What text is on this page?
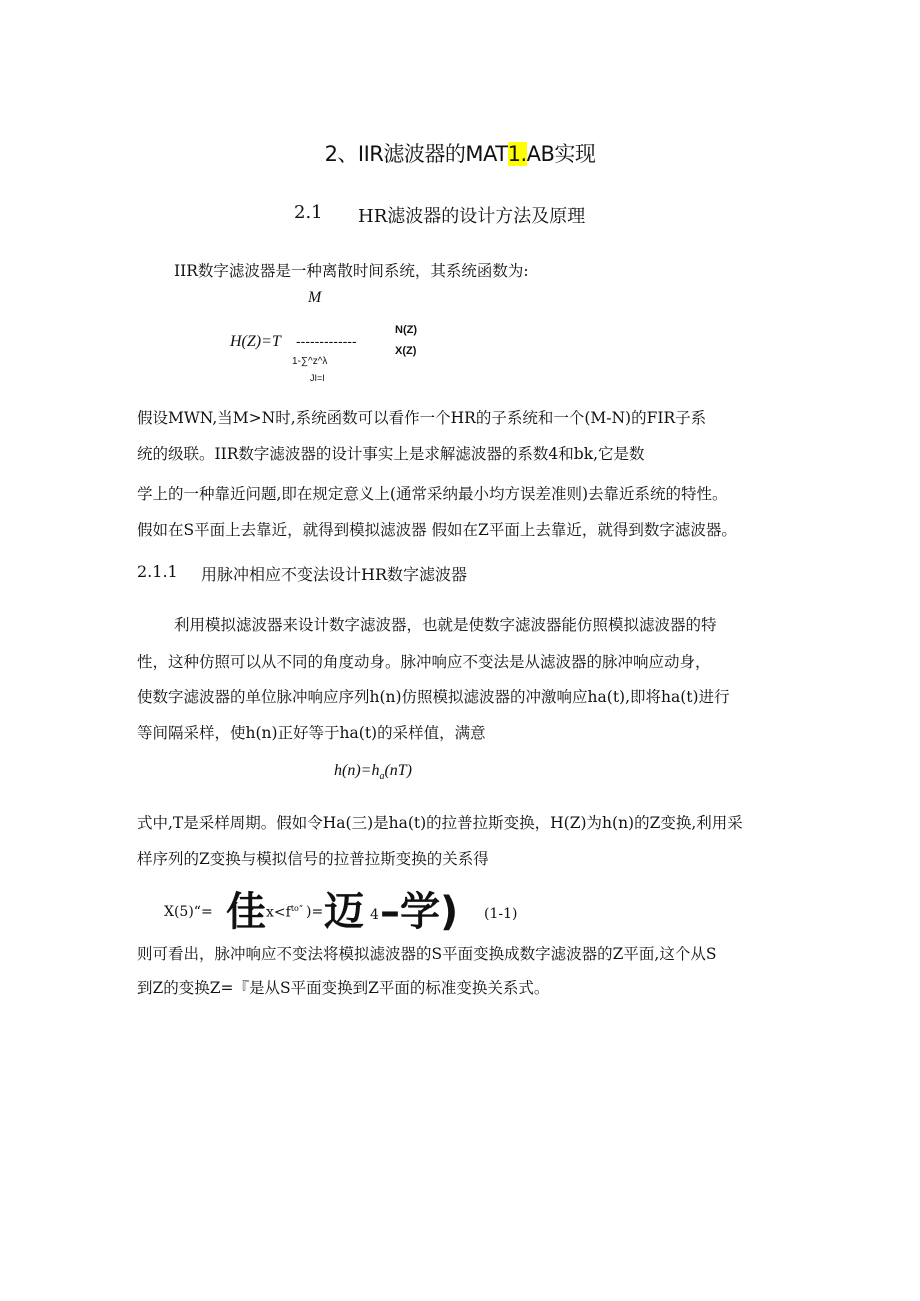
2、IIR滤波器的MAT1.AB实现
2.1 HR滤波器的设计方法及原理
IIR数字滤波器是一种离散时间系统，其系统函数为:
M
H(Z)=T -------------
1-∑^z^λ
JI=I
N(Z)
X(Z)
假设MWN,当M>N时,系统函数可以看作一个HR的子系统和一个(M-N)的FIR子系
统的级联。IIR数字滤波器的设计事实上是求解滤波器的系数4和bk,它是数
学上的一种靠近问题,即在规定意义上(通常采纳最小均方误差准则)去靠近系统的特性。
假如在S平面上去靠近，就得到模拟滤波器 假如在Z平面上去靠近，就得到数字滤波器。
2.1.1 用脉冲相应不变法设计HR数字滤波器
利用模拟滤波器来设计数字滤波器，也就是使数字滤波器能仿照模拟滤波器的特
性，这种仿照可以从不同的角度动身。脉冲响应不变法是从滤波器的脉冲响应动身，
使数字滤波器的单位脉冲响应序列h(n)仿照模拟滤波器的冲激响应ha(t),即将ha(t)进行
等间隔采样，使h(n)正好等于ha(t)的采样值，满意
$h(n)=h_a(nT)$
式中,T是采样周期。假如令Ha(三)是ha(t)的拉普拉斯变换，H(Z)为h(n)的Z变换,利用采
样序列的Z变换与模拟信号的拉普拉斯变换的关系得
X(5)“= 佳 $x<f^{to”}$ )= 迈 4 –学) (1-1)
则可看出，脉冲响应不变法将模拟滤波器的S平面变换成数字滤波器的Z平面,这个从S
到Z的变换Z=『是从S平面变换到Z平面的标准变换关系式。
